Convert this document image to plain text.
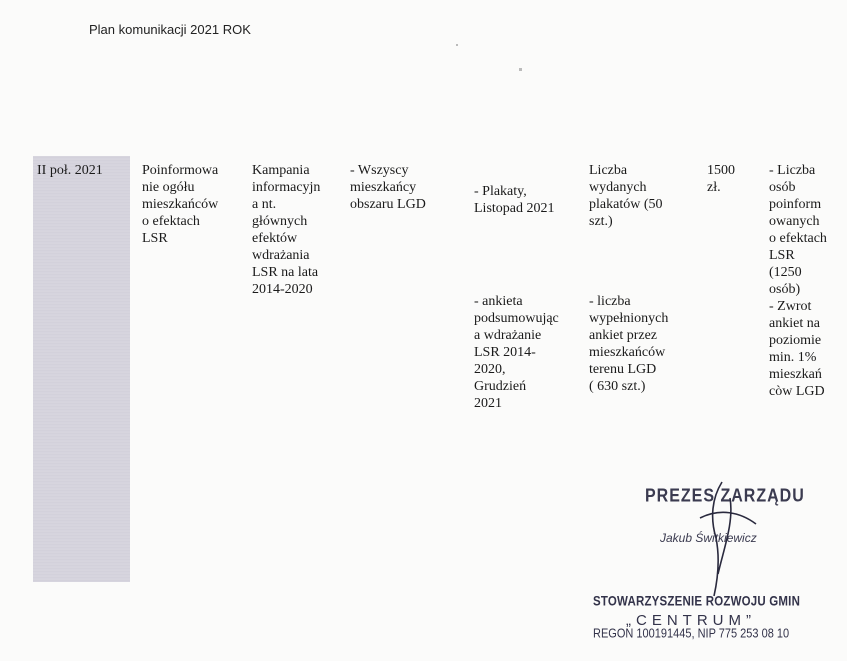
Plan komunikacji 2021 ROK
II poł. 2021	Poinformowa
nie ogółu
mieszkańców
o efektach
LSR
Kampania
informacyjn
a nt.
głównych
efektów
wdrażania
LSR na lata
2014-2020
- Wszyscy
mieszkańcy
obszaru LGD
- Plakaty,
Listopad 2021
- ankieta
podsumowując
a wdrażanie
LSR 2014-
2020,
Grudzień
2021
Liczba
wydanych
plakatów (50
szt.)
- liczba
wypełnionych
ankiet przez
mieszkańców
terenu LGD
( 630 szt.)
1500
zł.
- Liczba
osób
poinform
owanych
o efektach
LSR
(1250
osób)
- Zwrot
ankiet na
poziomie
min. 1%
mieszkań
còw LGD
PREZES ZARZĄDU
Jakub Świtkiewicz
STOWARZYSZENIE ROZWOJU GMIN
„CENTRUM”
REGON 100191445, NIP 775 253 08 10
